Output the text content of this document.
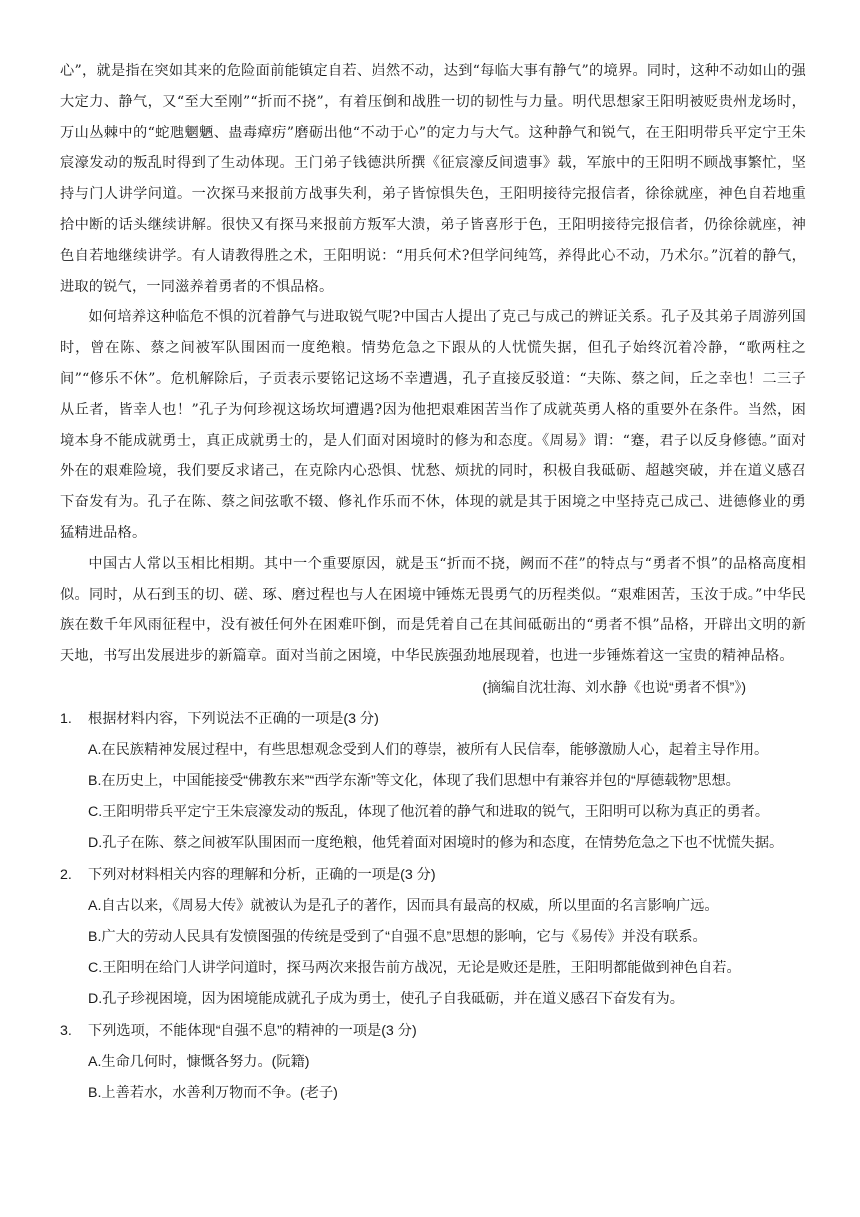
心”，就是指在突如其来的危险面前能镇定自若、岿然不动，达到“每临大事有静气”的境界。同时，这种不动如山的强大定力、静气，又“至大至刚”“折而不挠”，有着压倒和战胜一切的韧性与力量。明代思想家王阳明被贬贵州龙场时，万山丛棘中的“蛇虺魍魉、蛊毒瘴疠”磨砺出他“不动于心”的定力与大气。这种静气和锐气，在王阳明带兵平定宁王朱宸濠发动的叛乱时得到了生动体现。王门弟子钱德洪所撰《征宸濠反间遗事》载，军旅中的王阳明不顾战事繁忙，坚持与门人讲学问道。一次探马来报前方战事失利，弟子皆惊惧失色，王阳明接待完报信者，徐徐就座，神色自若地重拾中断的话头继续讲解。很快又有探马来报前方叛军大溃，弟子皆喜形于色，王阳明接待完报信者，仍徐徐就座，神色自若地继续讲学。有人请教得胜之术，王阳明说：“用兵何术?但学问纯笃，养得此心不动，乃术尔。”沉着的静气，进取的锐气，一同滋养着勇者的不惧品格。

如何培养这种临危不惧的沉着静气与进取锐气呢?中国古人提出了克己与成己的辨证关系。孔子及其弟子周游列国时，曾在陈、蔡之间被军队围困而一度绝粮。情势危急之下跟从的人忧慌失据，但孔子始终沉着冷静，“歌两柱之间”“修乐不休”。危机解除后，子贡表示要铭记这场不幸遭遇，孔子直接反驳道：“夫陈、蔡之间，丘之幸也！二三子从丘者，皆幸人也！”孔子为何珍视这场坎坷遭遇?因为他把艰难困苦当作了成就英勇人格的重要外在条件。当然，困境本身不能成就勇士，真正成就勇士的，是人们面对困境时的修为和态度。《周易》谓：“蹇，君子以反身修德。”面对外在的艰难险境，我们要反求诸己，在克除内心恐惧、忧愁、烦扰的同时，积极自我砥砺、超越突破，并在道义感召下奋发有为。孔子在陈、蔡之间弦歌不辍、修礼作乐而不休，体现的就是其于困境之中坚持克己成己、进德修业的勇猛精进品格。

中国古人常以玉相比相期。其中一个重要原因，就是玉“折而不挠，阙而不荏”的特点与“勇者不惧”的品格高度相似。同时，从石到玉的切、磋、琢、磨过程也与人在困境中锤炼无畏勇气的历程类似。“艰难困苦，玉汝于成。”中华民族在数千年风雨征程中，没有被任何外在困难吓倒，而是凭着自己在其间砥砺出的“勇者不惧”品格，开辟出文明的新天地，书写出发展进步的新篇章。面对当前之困境，中华民族强劲地展现着，也进一步锤炼着这一宝贵的精神品格。

(摘编自沈壮海、刘水静《也说“勇者不惧”》)

1.	根据材料内容，下列说法不正确的一项是(3 分)

A.在民族精神发展过程中，有些思想观念受到人们的尊崇，被所有人民信奉，能够激励人心，起着主导作用。

B.在历史上，中国能接受“佛教东来”“西学东渐”等文化，体现了我们思想中有兼容并包的“厚德载物”思想。

C.王阳明带兵平定宁王朱宸濠发动的叛乱，体现了他沉着的静气和进取的锐气，王阳明可以称为真正的勇者。

D.孔子在陈、蔡之间被军队围困而一度绝粮，他凭着面对困境时的修为和态度，在情势危急之下也不忧慌失据。

2.	下列对材料相关内容的理解和分析，正确的一项是(3 分)

A.自古以来，《周易大传》就被认为是孔子的著作，因而具有最高的权威，所以里面的名言影响广远。

B.广大的劳动人民具有发愤图强的传统是受到了“自强不息”思想的影响，它与《易传》并没有联系。

C.王阳明在给门人讲学问道时，探马两次来报告前方战况，无论是败还是胜，王阳明都能做到神色自若。

D.孔子珍视困境，因为困境能成就孔子成为勇士，使孔子自我砥砺，并在道义感召下奋发有为。

3.	下列选项，不能体现“自强不息”的精神的一项是(3 分)

A.生命几何时，慷慨各努力。(阮籍)

B.上善若水，水善利万物而不争。(老子)
